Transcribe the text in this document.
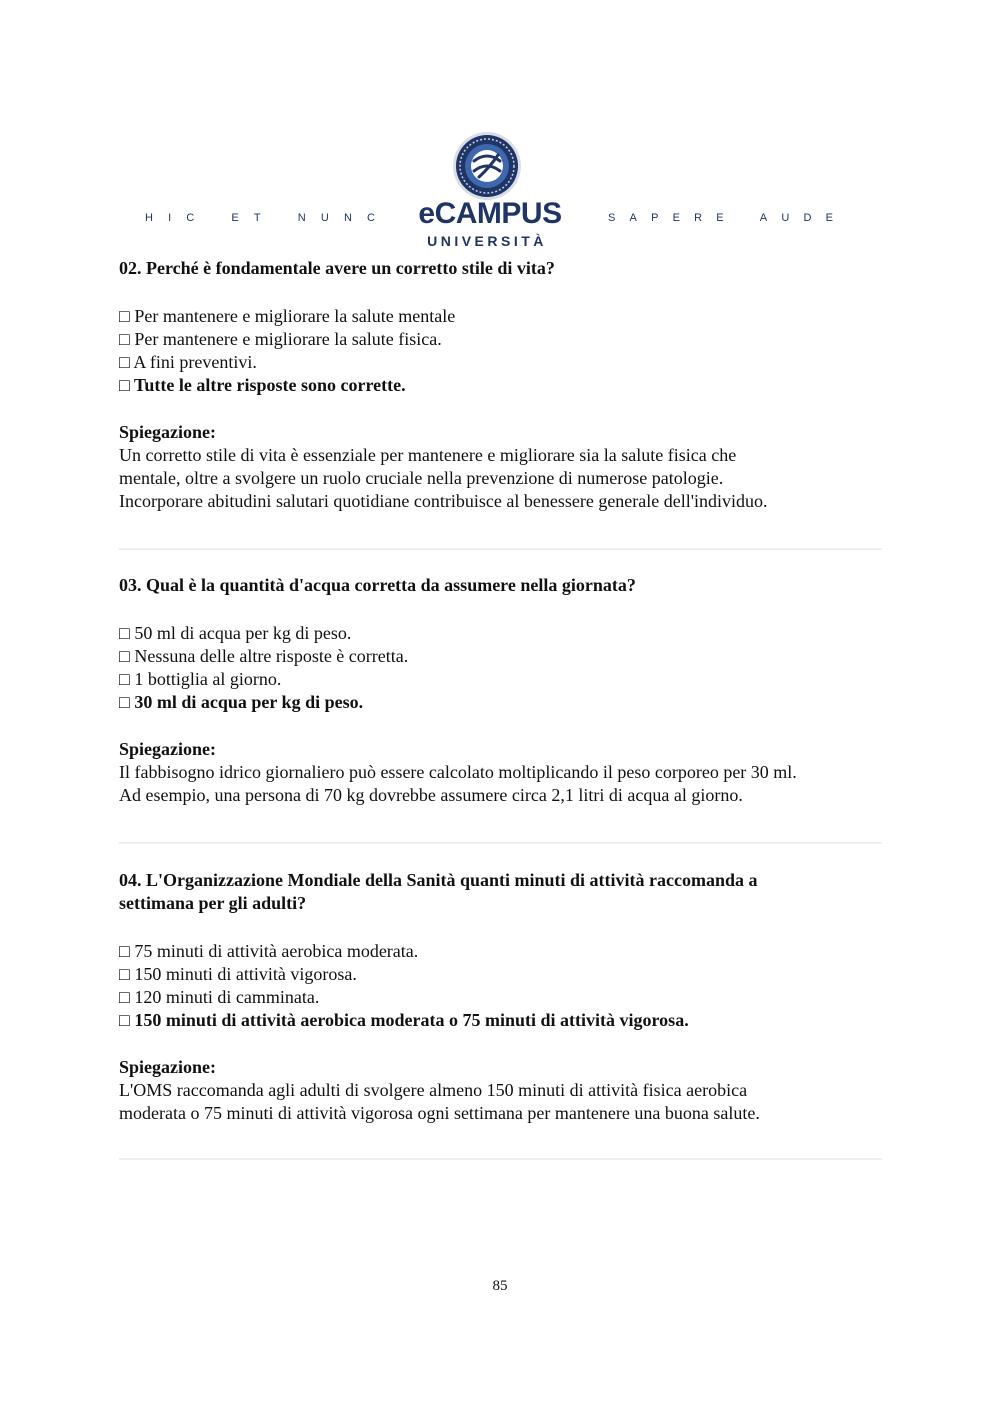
H I C	E T	N U N C	eCAMPUS
UNIVERSITÀ
S A P E R E	A U D E

02. Perché è fondamentale avere un corretto stile di vita?

□ Per mantenere e migliorare la salute mentale
□ Per mantenere e migliorare la salute fisica.
□ A fini preventivi.
□ Tutte le altre risposte sono corrette.
Spiegazione:
Un corretto stile di vita è essenziale per mantenere e migliorare sia la salute fisica che
mentale, oltre a svolgere un ruolo cruciale nella prevenzione di numerose patologie.
Incorporare abitudini salutari quotidiane contribuisce al benessere generale dell'individuo.

03. Qual è la quantità d'acqua corretta da assumere nella giornata?

□ 50 ml di acqua per kg di peso.
□ Nessuna delle altre risposte è corretta.
□ 1 bottiglia al giorno.
□ 30 ml di acqua per kg di peso.
Spiegazione:
Il fabbisogno idrico giornaliero può essere calcolato moltiplicando il peso corporeo per 30 ml.
Ad esempio, una persona di 70 kg dovrebbe assumere circa 2,1 litri di acqua al giorno.

04. L'Organizzazione Mondiale della Sanità quanti minuti di attività raccomanda a

settimana per gli adulti?

□ 75 minuti di attività aerobica moderata.
□ 150 minuti di attività vigorosa.
□ 120 minuti di camminata.
□ 150 minuti di attività aerobica moderata o 75 minuti di attività vigorosa.
Spiegazione:
L'OMS raccomanda agli adulti di svolgere almeno 150 minuti di attività fisica aerobica
moderata o 75 minuti di attività vigorosa ogni settimana per mantenere una buona salute.
85
